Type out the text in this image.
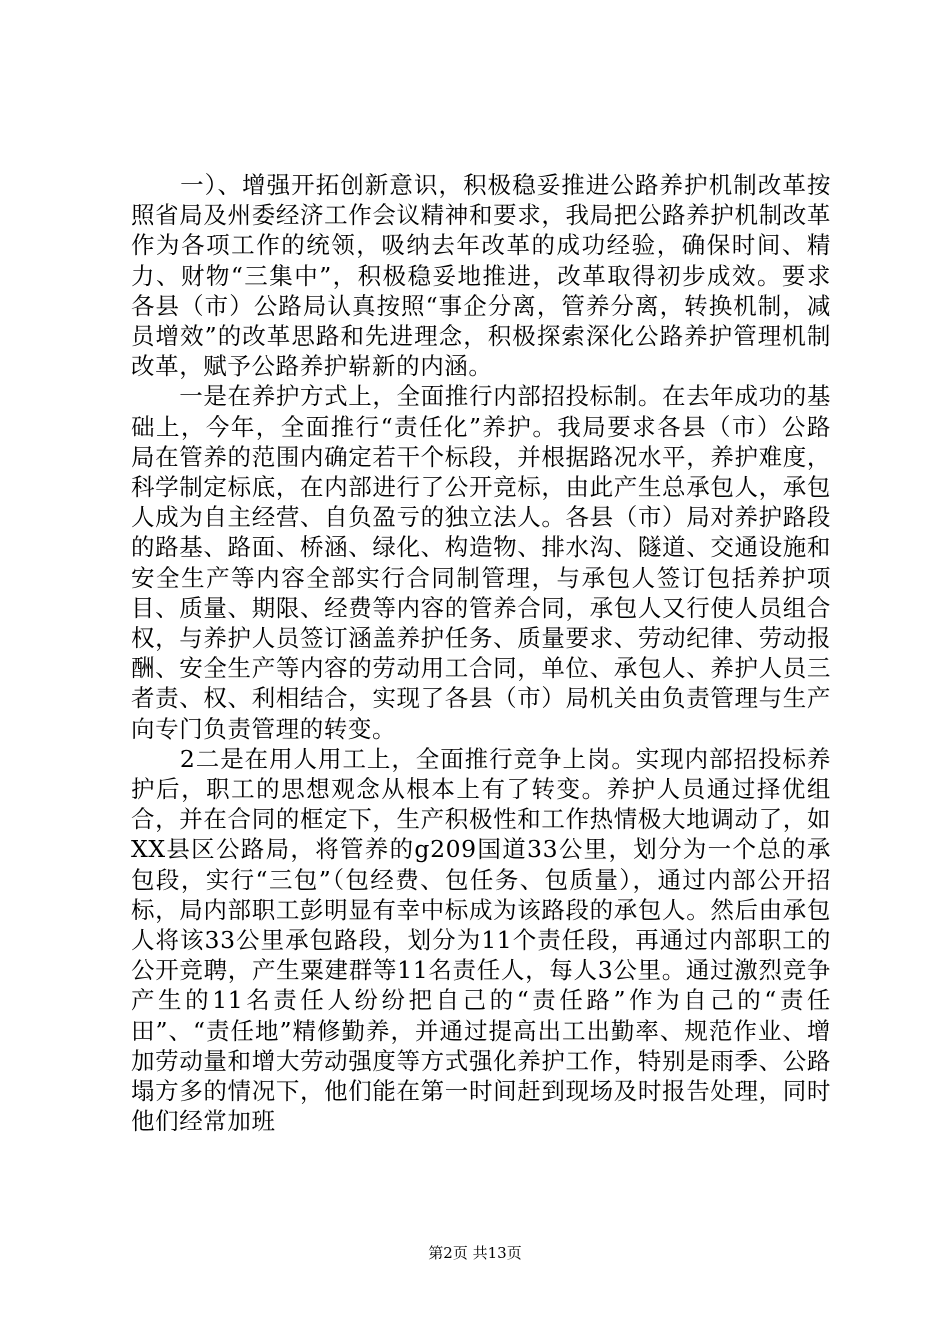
　　一）、增强开拓创新意识，积极稳妥推进公路养护机制改革按照省局及州委经济工作会议精神和要求，我局把公路养护机制改革作为各项工作的统领，吸纳去年改革的成功经验，确保时间、精力、财物“三集中”，积极稳妥地推进，改革取得初步成效。要求各县（市）公路局认真按照“事企分离，管养分离，转换机制，减员增效”的改革思路和先进理念，积极探索深化公路养护管理机制改革，赋予公路养护崭新的内涵。

　　一是在养护方式上，全面推行内部招投标制。在去年成功的基础上，今年，全面推行“责任化”养护。我局要求各县（市）公路局在管养的范围内确定若干个标段，并根据路况水平，养护难度，科学制定标底，在内部进行了公开竞标，由此产生总承包人，承包人成为自主经营、自负盈亏的独立法人。各县（市）局对养护路段的路基、路面、桥涵、绿化、构造物、排水沟、隧道、交通设施和安全生产等内容全部实行合同制管理，与承包人签订包括养护项目、质量、期限、经费等内容的管养合同，承包人又行使人员组合权，与养护人员签订涵盖养护任务、质量要求、劳动纪律、劳动报酬、安全生产等内容的劳动用工合同，单位、承包人、养护人员三者责、权、利相结合，实现了各县（市）局机关由负责管理与生产向专门负责管理的转变。

　　2二是在用人用工上，全面推行竞争上岗。实现内部招投标养护后，职工的思想观念从根本上有了转变。养护人员通过择优组合，并在合同的框定下，生产积极性和工作热情极大地调动了，如XX县区公路局，将管养的g209国道33公里，划分为一个总的承包段，实行“三包”（包经费、包任务、包质量），通过内部公开招标，局内部职工彭明显有幸中标成为该路段的承包人。然后由承包人将该33公里承包路段，划分为11个责任段，再通过内部职工的公开竞聘，产生粟建群等11名责任人，每人3公里。通过激烈竞争产生的11名责任人纷纷把自己的“责任路”作为自己的“责任田”、“责任地”精修勤养，并通过提高出工出勤率、规范作业、增加劳动量和增大劳动强度等方式强化养护工作，特别是雨季、公路塌方多的情况下，他们能在第一时间赶到现场及时报告处理，同时他们经常加班

第2页 共13页
